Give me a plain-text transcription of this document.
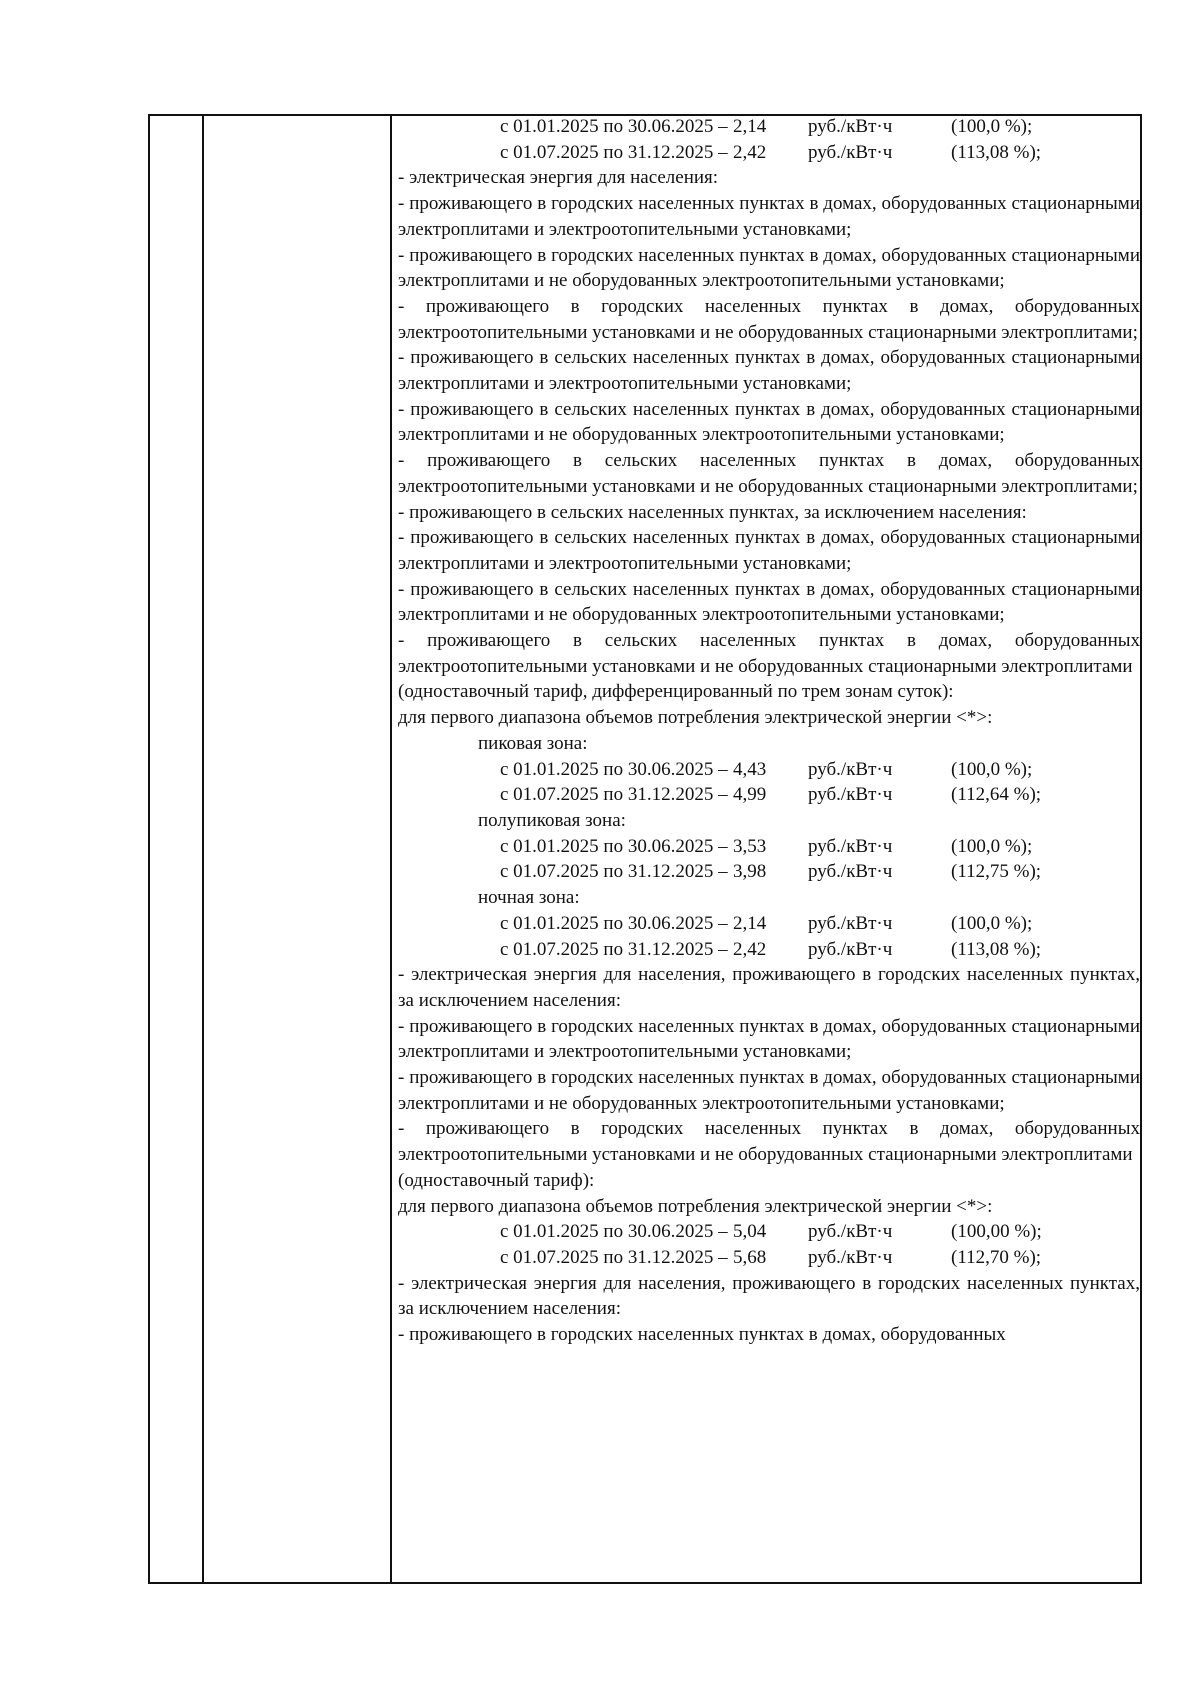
с 01.01.2025 по 30.06.2025 – 2,14	руб./кВт·ч	(100,0 %);
с 01.07.2025 по 31.12.2025 – 2,42	руб./кВт·ч	(113,08 %);

- электрическая энергия для населения:

- проживающего в городских населенных пунктах в домах, оборудованных стационарными электроплитами и электроотопительными установками;

- проживающего в городских населенных пунктах в домах, оборудованных стационарными электроплитами и не оборудованных электроотопительными установками;

- проживающего в городских населенных пунктах в домах, оборудованных электроотопительными установками и не оборудованных стационарными электроплитами;

- проживающего в сельских населенных пунктах в домах, оборудованных стационарными электроплитами и электроотопительными установками;

- проживающего в сельских населенных пунктах в домах, оборудованных стационарными электроплитами и не оборудованных электроотопительными установками;

- проживающего в сельских населенных пунктах в домах, оборудованных электроотопительными установками и не оборудованных стационарными электроплитами;

- проживающего в сельских населенных пунктах, за исключением населения:

- проживающего в сельских населенных пунктах в домах, оборудованных стационарными электроплитами и электроотопительными установками;

- проживающего в сельских населенных пунктах в домах, оборудованных стационарными электроплитами и не оборудованных электроотопительными установками;

- проживающего в сельских населенных пунктах в домах, оборудованных электроотопительными установками и не оборудованных стационарными электроплитами

(одноставочный тариф, дифференцированный по трем зонам суток):

для первого диапазона объемов потребления электрической энергии <*>:

пиковая зона:

с 01.01.2025 по 30.06.2025 – 4,43	руб./кВт·ч	(100,0 %);
с 01.07.2025 по 31.12.2025 – 4,99	руб./кВт·ч	(112,64 %);

полупиковая зона:

с 01.01.2025 по 30.06.2025 – 3,53	руб./кВт·ч	(100,0 %);
с 01.07.2025 по 31.12.2025 – 3,98	руб./кВт·ч	(112,75 %);

ночная зона:

с 01.01.2025 по 30.06.2025 – 2,14	руб./кВт·ч	(100,0 %);
с 01.07.2025 по 31.12.2025 – 2,42	руб./кВт·ч	(113,08 %);

- электрическая энергия для населения, проживающего в городских населенных пунктах, за исключением населения:

- проживающего в городских населенных пунктах в домах, оборудованных стационарными электроплитами и электроотопительными установками;

- проживающего в городских населенных пунктах в домах, оборудованных стационарными электроплитами и не оборудованных электроотопительными установками;

- проживающего в городских населенных пунктах в домах, оборудованных электроотопительными установками и не оборудованных стационарными электроплитами

(одноставочный тариф):

для первого диапазона объемов потребления электрической энергии <*>:

с 01.01.2025 по 30.06.2025 – 5,04	руб./кВт·ч	(100,00 %);
с 01.07.2025 по 31.12.2025 – 5,68	руб./кВт·ч	(112,70 %);

- электрическая энергия для населения, проживающего в городских населенных пунктах, за исключением населения:

- проживающего в городских населенных пунктах в домах, оборудованных
